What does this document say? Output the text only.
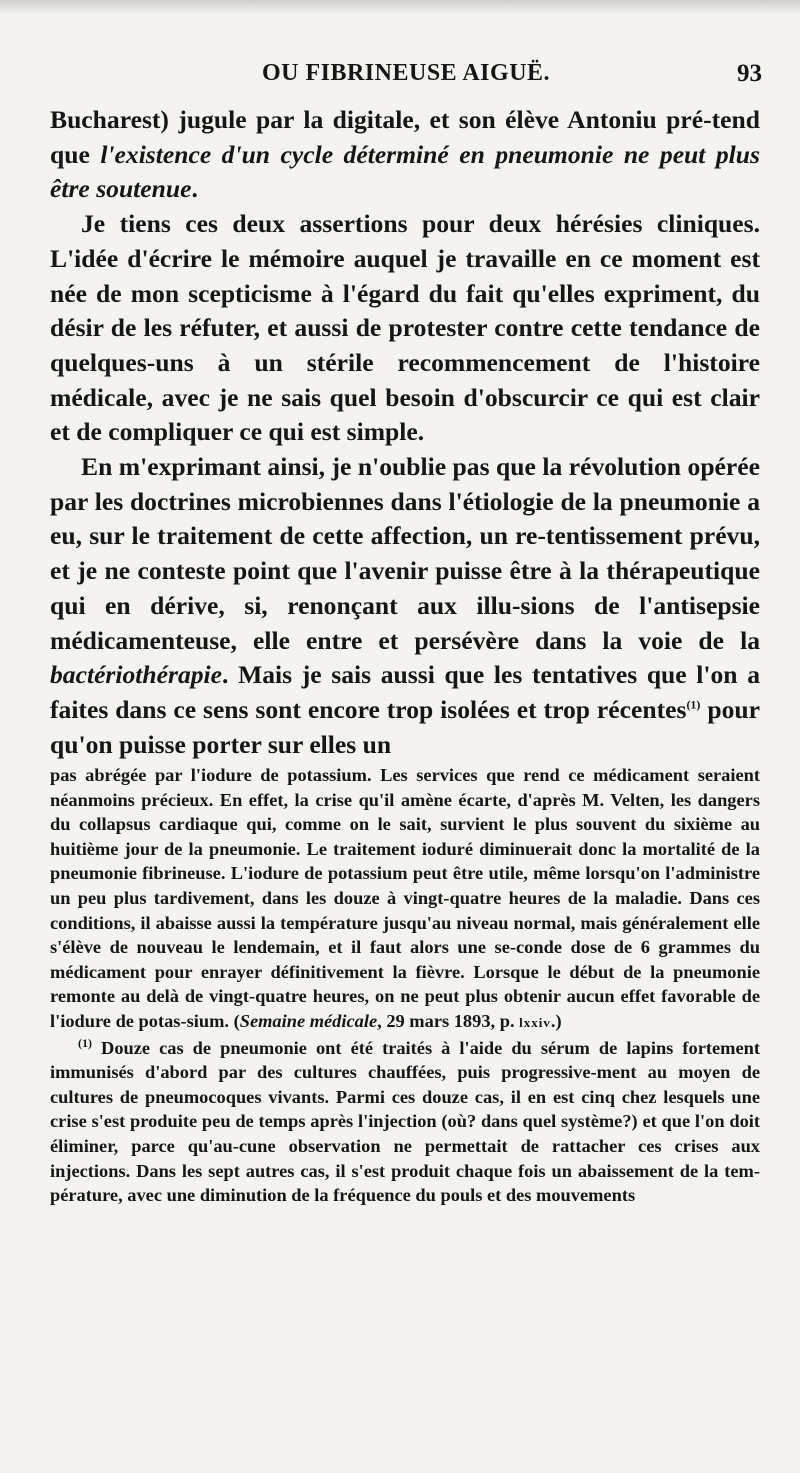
OU FIBRINEUSE AIGUË.	93

Bucharest) jugule par la digitale, et son élève Antoniu pré-tend que l'existence d'un cycle déterminé en pneumonie ne peut plus être soutenue.

Je tiens ces deux assertions pour deux hérésies cliniques. L'idée d'écrire le mémoire auquel je travaille en ce moment est née de mon scepticisme à l'égard du fait qu'elles expriment, du désir de les réfuter, et aussi de protester contre cette tendance de quelques-uns à un stérile recommencement de l'histoire médicale, avec je ne sais quel besoin d'obscurcir ce qui est clair et de compliquer ce qui est simple.

En m'exprimant ainsi, je n'oublie pas que la révolution opérée par les doctrines microbiennes dans l'étiologie de la pneumonie a eu, sur le traitement de cette affection, un re-tentissement prévu, et je ne conteste point que l'avenir puisse être à la thérapeutique qui en dérive, si, renonçant aux illu-sions de l'antisepsie médicamenteuse, elle entre et persévère dans la voie de la bactériothérapie. Mais je sais aussi que les tentatives que l'on a faites dans ce sens sont encore trop isolées et trop récentes$^{(1)}$ pour qu'on puisse porter sur elles un

pas abrégée par l'iodure de potassium. Les services que rend ce médicament seraient néanmoins précieux. En effet, la crise qu'il amène écarte, d'après M. Velten, les dangers du collapsus cardiaque qui, comme on le sait, survient le plus souvent du sixième au huitième jour de la pneumonie. Le traitement ioduré diminuerait donc la mortalité de la pneumonie fibrineuse. L'iodure de potassium peut être utile, même lorsqu'on l'administre un peu plus tardivement, dans les douze à vingt-quatre heures de la maladie. Dans ces conditions, il abaisse aussi la température jusqu'au niveau normal, mais généralement elle s'élève de nouveau le lendemain, et il faut alors une se-conde dose de 6 grammes du médicament pour enrayer définitivement la fièvre. Lorsque le début de la pneumonie remonte au delà de vingt-quatre heures, on ne peut plus obtenir aucun effet favorable de l'iodure de potas-sium. (Semaine médicale, 29 mars 1893, p. lxxiv.)

$^{(1)}$ Douze cas de pneumonie ont été traités à l'aide du sérum de lapins fortement immunisés d'abord par des cultures chauffées, puis progressive-ment au moyen de cultures de pneumocoques vivants. Parmi ces douze cas, il en est cinq chez lesquels une crise s'est produite peu de temps après l'injection (où? dans quel système?) et que l'on doit éliminer, parce qu'au-cune observation ne permettait de rattacher ces crises aux injections. Dans les sept autres cas, il s'est produit chaque fois un abaissement de la tem-pérature, avec une diminution de la fréquence du pouls et des mouvements
